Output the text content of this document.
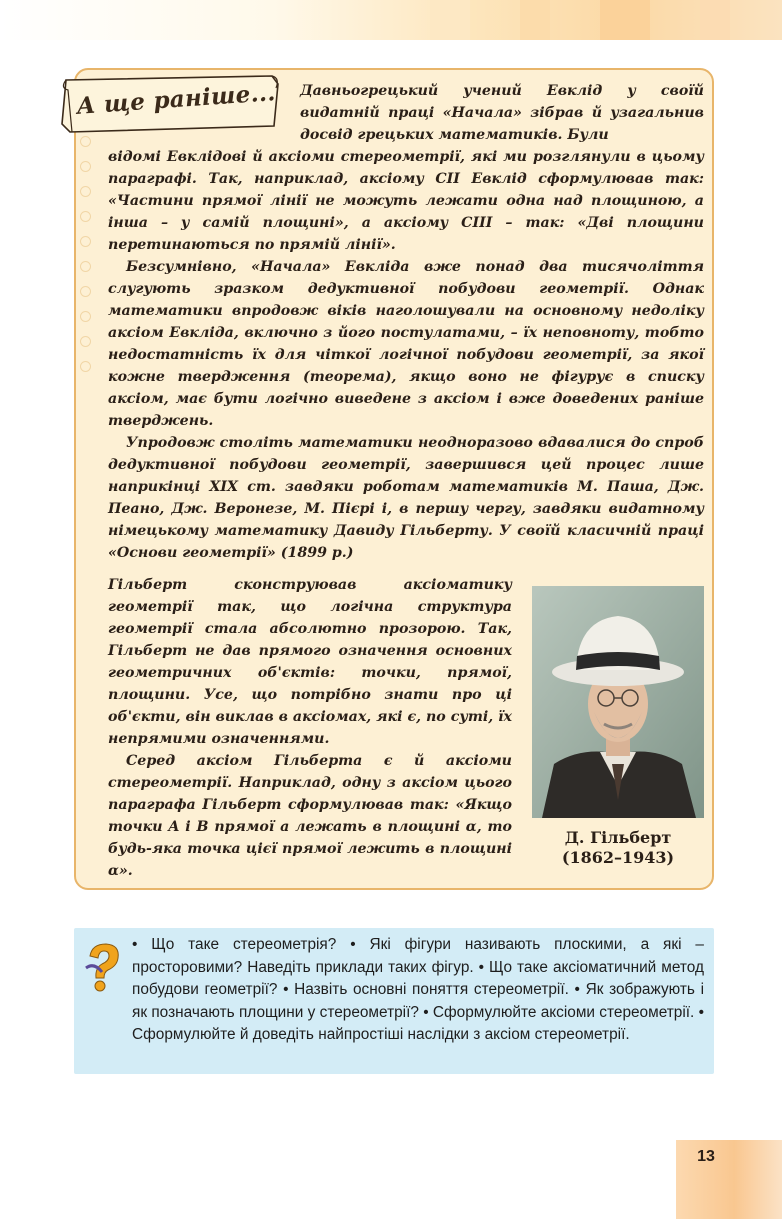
А ще раніше... Давньогрецький учений Евклід у своїй видатній праці «Начала» зібрав й узагальнив досвід грецьких математиків. Були

відомі Евклідові й аксіоми стереометрії, які ми розглянули в цьому параграфі. Так, наприклад, аксіому CII Евклід сформулював так: «Частини прямої лінії не можуть лежати одна над площиною, а інша – у самій площині», а аксіому CIII – так: «Дві площини перетинаються по прямій лінії».

Безсумнівно, «Начала» Евкліда вже понад два тисячоліття слугують зразком дедуктивної побудови геометрії. Однак математики впродовж віків наголошували на основному недоліку аксіом Евкліда, включно з його постулатами, – їх неповноту, тобто недостатність їх для чіткої логічної побудови геометрії, за якої кожне твердження (теорема), якщо воно не фігурує в списку аксіом, має бути логічно виведене з аксіом і вже доведених раніше тверджень.

Упродовж століть математики неодноразово вдавалися до спроб дедуктивної побудови геометрії, завершився цей процес лише наприкінці XIX ст. завдяки роботам математиків М. Паша, Дж. Пеано, Дж. Веронезе, М. Пієрі і, в першу чергу, завдяки видатному німецькому математику Давиду Гільберту. У своїй класичній праці «Основи геометрії» (1899 р.)

Гільберт сконструював аксіоматику геометрії так, що логічна структура геометрії стала абсолютно прозорою. Так, Гільберт не дав прямого означення основних геометричних об'єктів: точки, прямої, площини. Усе, що потрібно знати про ці об'єкти, він виклав в аксіомах, які є, по суті, їх непрямими означеннями.

Серед аксіом Гільберта є й аксіоми стереометрії. Наприклад, одну з аксіом цього параграфа Гільберт сформулював так: «Якщо точки A і B прямої a лежать в площині α, то будь-яка точка цієї прямої лежить в площині α».

Д. Гільберт
(1862–1943)

• Що таке стереометрія? • Які фігури називають плоскими, а які – просторовими? Наведіть приклади таких фігур. • Що таке аксіоматичний метод побудови геометрії? • Назвіть основні поняття стереометрії. • Як зображують і як позначають площини у стереометрії? • Сформулюйте аксіоми стереометрії. • Сформулюйте й доведіть найпростіші наслідки з аксіом стереометрії.

13
